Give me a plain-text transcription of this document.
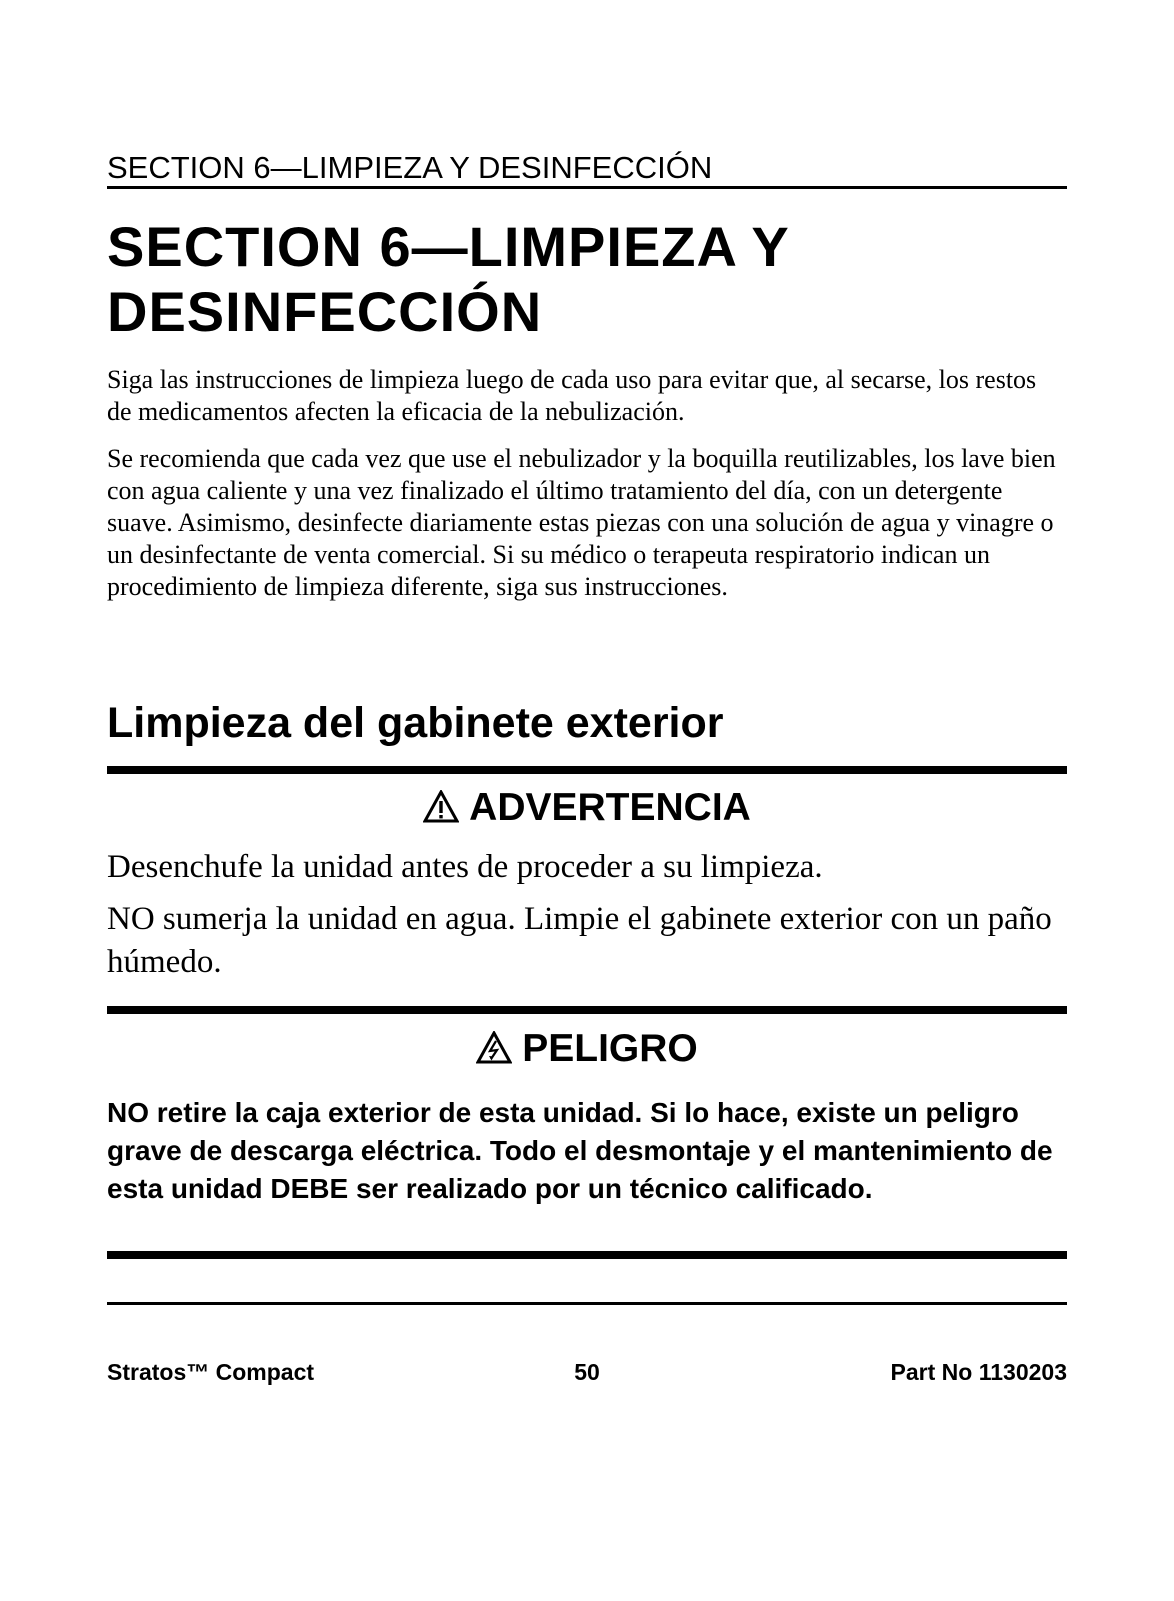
SECTION 6—LIMPIEZA Y DESINFECCIÓN
SECTION 6—LIMPIEZA Y DESINFECCIÓN
Siga las instrucciones de limpieza luego de cada uso para evitar que, al secarse, los restos de medicamentos afecten la eficacia de la nebulización.
Se recomienda que cada vez que use el nebulizador y la boquilla reutilizables, los lave bien con agua caliente y una vez finalizado el último tratamiento del día, con un detergente suave. Asimismo, desinfecte diariamente estas piezas con una solución de agua y vinagre o un desinfectante de venta comercial. Si su médico o terapeuta respiratorio indican un procedimiento de limpieza diferente, siga sus instrucciones.
Limpieza del gabinete exterior
ADVERTENCIA
Desenchufe la unidad antes de proceder a su limpieza.
NO sumerja la unidad en agua. Limpie el gabinete exterior con un paño húmedo.
PELIGRO
NO retire la caja exterior de esta unidad. Si lo hace, existe un peligro grave de descarga eléctrica. Todo el desmontaje y el mantenimiento de esta unidad DEBE ser realizado por un técnico calificado.
Stratos™ Compact	50	Part No 1130203
